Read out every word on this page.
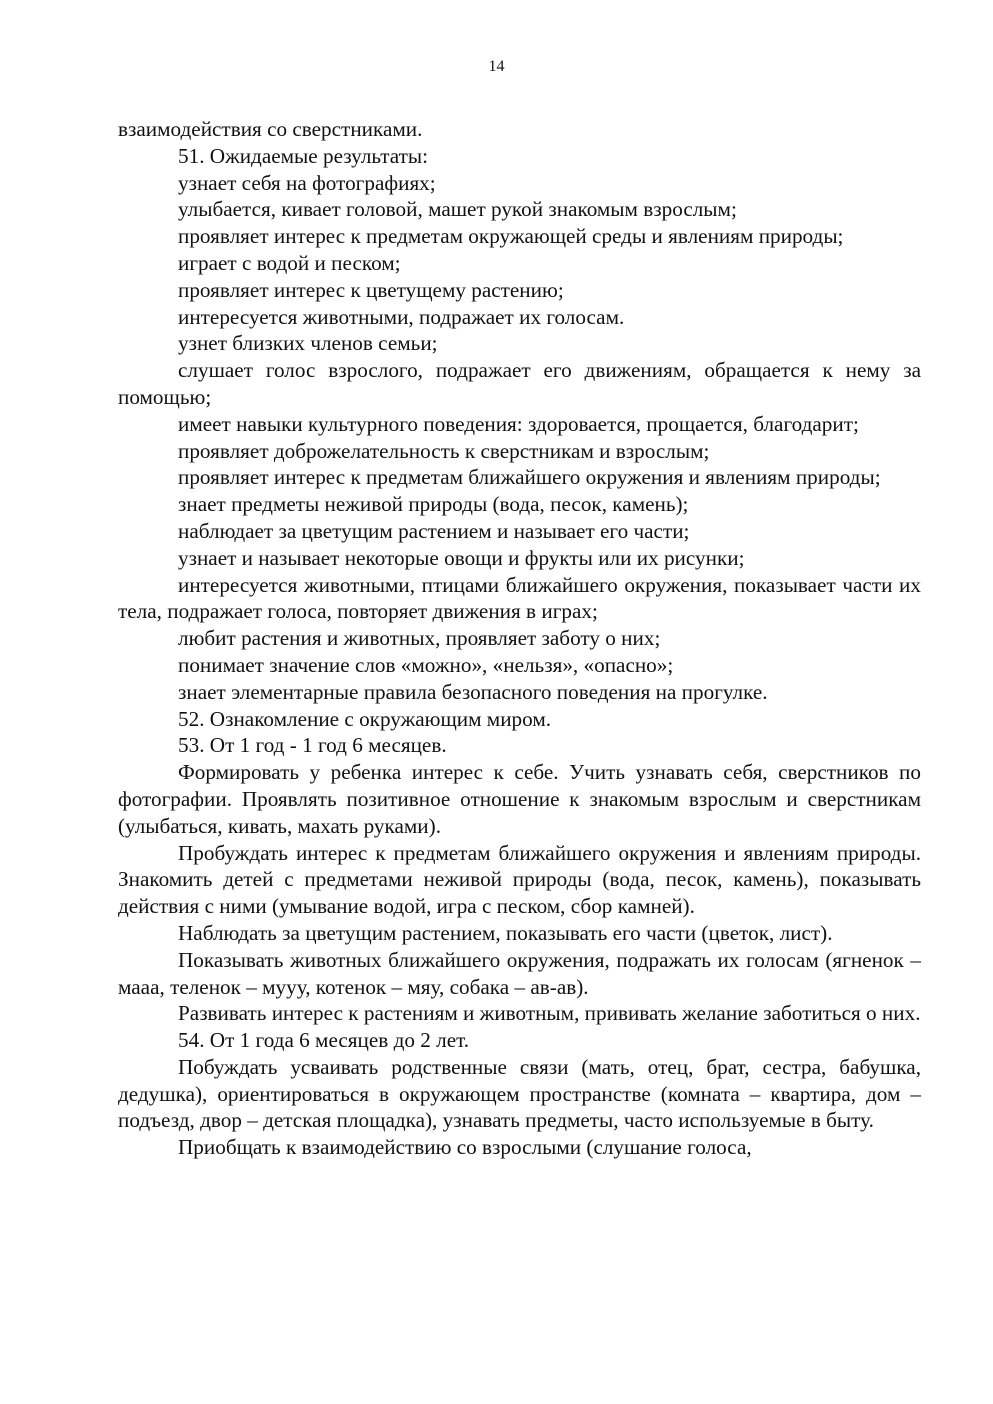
14

взаимодействия со сверстниками.

51. Ожидаемые результаты:

узнает себя на фотографиях;

улыбается, кивает головой, машет рукой знакомым взрослым;

проявляет интерес к предметам окружающей среды и явлениям природы;

играет с водой и песком;

проявляет интерес к цветущему растению;

интересуется животными, подражает их голосам.

узнет близких членов семьи;

слушает голос взрослого, подражает его движениям, обращается к нему за помощью;

имеет навыки культурного поведения: здоровается, прощается, благодарит;

проявляет доброжелательность к сверстникам и взрослым;

проявляет интерес к предметам ближайшего окружения и явлениям природы;

знает предметы неживой природы (вода, песок, камень);

наблюдает за цветущим растением и называет его части;

узнает и называет некоторые овощи и фрукты или их рисунки;

интересуется животными, птицами ближайшего окружения, показывает части их тела, подражает голоса, повторяет движения в играх;

любит растения и животных, проявляет заботу о них;

понимает значение слов «можно», «нельзя», «опасно»;

знает элементарные правила безопасного поведения на прогулке.

52. Ознакомление с окружающим миром.

53. От 1 год - 1 год 6 месяцев.

Формировать у ребенка интерес к себе. Учить узнавать себя, сверстников по фотографии. Проявлять позитивное отношение к знакомым взрослым и сверстникам (улыбаться, кивать, махать руками).

Пробуждать интерес к предметам ближайшего окружения и явлениям природы. Знакомить детей с предметами неживой природы (вода, песок, камень), показывать действия с ними (умывание водой, игра с песком, сбор камней).

Наблюдать за цветущим растением, показывать его части (цветок, лист).

Показывать животных ближайшего окружения, подражать их голосам (ягненок – мааа, теленок – мууу, котенок – мяу, собака – ав-ав).

Развивать интерес к растениям и животным, прививать желание заботиться о них.

54. От 1 года 6 месяцев до 2 лет.

Побуждать усваивать родственные связи (мать, отец, брат, сестра, бабушка, дедушка), ориентироваться в окружающем пространстве (комната – квартира, дом – подъезд, двор – детская площадка), узнавать предметы, часто используемые в быту.

Приобщать к взаимодействию со взрослыми (слушание голоса,
